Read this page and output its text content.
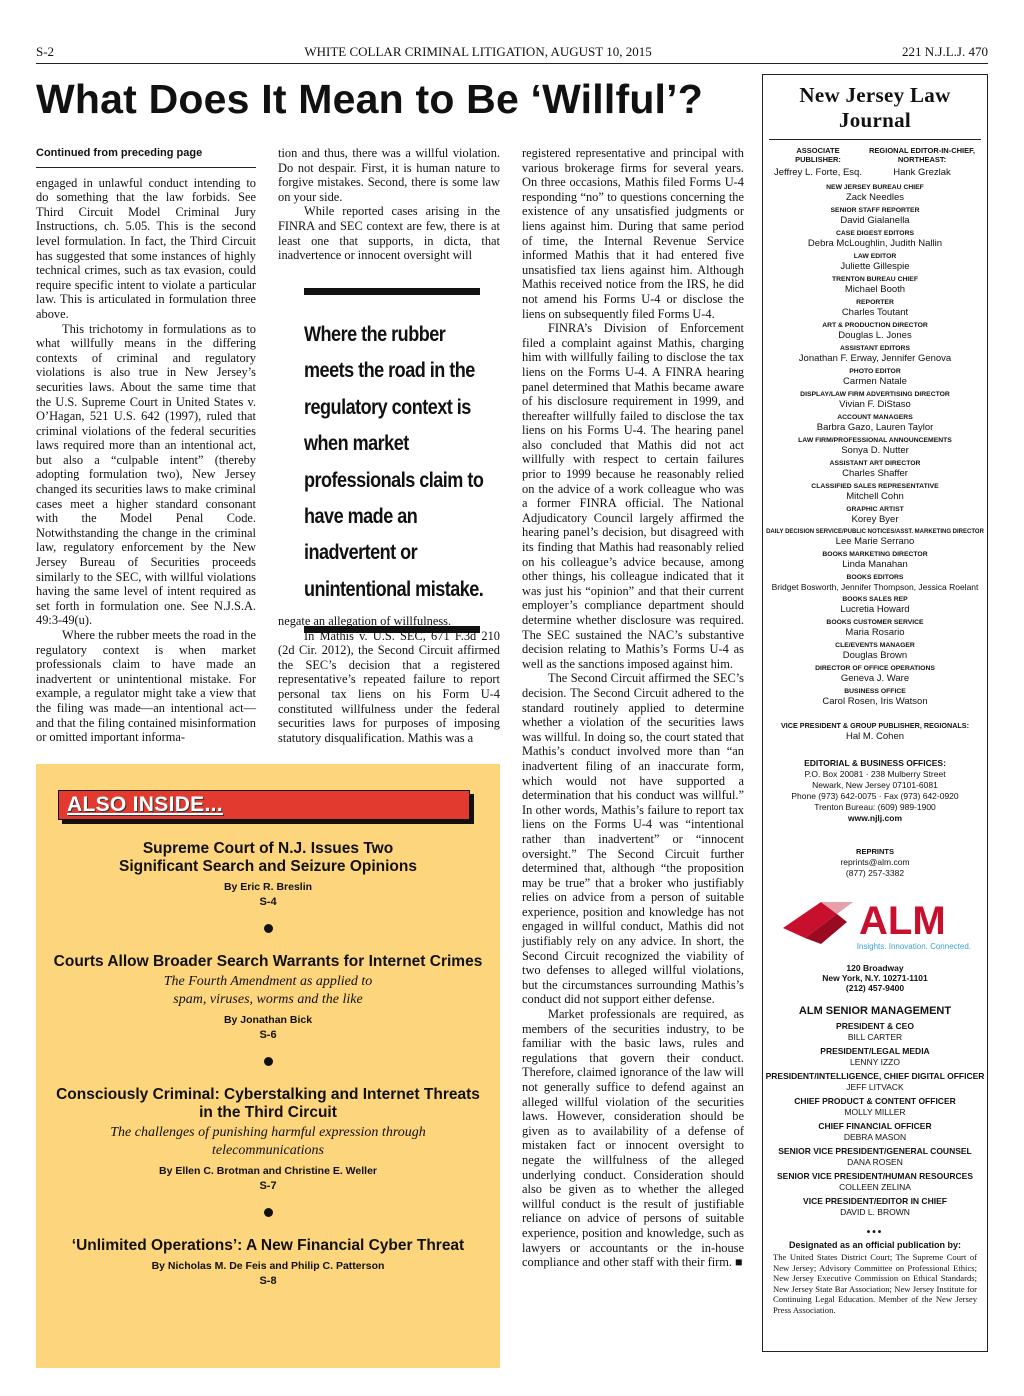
S-2	WHITE COLLAR CRIMINAL LITIGATION, AUGUST 10, 2015	221 N.J.L.J. 470
What Does It Mean to Be ‘Willful’?
Continued from preceding page

engaged in unlawful conduct intending to do something that the law forbids. See Third Circuit Model Criminal Jury Instructions, ch. 5.05. This is the second level formulation. In fact, the Third Circuit has suggested that some instances of highly technical crimes, such as tax evasion, could require specific intent to violate a particular law. This is articulated in formulation three above.

This trichotomy in formulations as to what willfully means in the differing contexts of criminal and regulatory violations is also true in New Jersey’s securities laws. About the same time that the U.S. Supreme Court in United States v. O’Hagan, 521 U.S. 642 (1997), ruled that criminal violations of the federal securities laws required more than an intentional act, but also a “culpable intent” (thereby adopting formulation two), New Jersey changed its securities laws to make criminal cases meet a higher standard consonant with the Model Penal Code. Notwithstanding the change in the criminal law, regulatory enforcement by the New Jersey Bureau of Securities proceeds similarly to the SEC, with willful violations having the same level of intent required as set forth in formulation one. See N.J.S.A. 49:3-49(u).

Where the rubber meets the road in the regulatory context is when market professionals claim to have made an inadvertent or unintentional mistake. For example, a regulator might take a view that the filing was made—an intentional act—and that the filing contained misinformation or omitted important informa-

tion and thus, there was a willful violation. Do not despair. First, it is human nature to forgive mistakes. Second, there is some law on your side.

While reported cases arising in the FINRA and SEC context are few, there is at least one that supports, in dicta, that inadvertence or innocent oversight will

Where the rubber meets the road in the regulatory context is when market professionals claim to have made an inadvertent or unintentional mistake.

negate an allegation of willfulness.

In Mathis v. U.S. SEC, 671 F.3d 210 (2d Cir. 2012), the Second Circuit affirmed the SEC’s decision that a registered representative’s repeated failure to report personal tax liens on his Form U-4 constituted willfulness under the federal securities laws for purposes of imposing statutory disqualification. Mathis was a

registered representative and principal with various brokerage firms for several years. On three occasions, Mathis filed Forms U-4 responding “no” to questions concerning the existence of any unsatisfied judgments or liens against him. During that same period of time, the Internal Revenue Service informed Mathis that it had entered five unsatisfied tax liens against him. Although Mathis received notice from the IRS, he did not amend his Forms U-4 or disclose the liens on subsequently filed Forms U-4.

FINRA’s Division of Enforcement filed a complaint against Mathis, charging him with willfully failing to disclose the tax liens on the Forms U-4. A FINRA hearing panel determined that Mathis became aware of his disclosure requirement in 1999, and thereafter willfully failed to disclose the tax liens on his Forms U-4. The hearing panel also concluded that Mathis did not act willfully with respect to certain failures prior to 1999 because he reasonably relied on the advice of a work colleague who was a former FINRA official. The National Adjudicatory Council largely affirmed the hearing panel’s decision, but disagreed with its finding that Mathis had reasonably relied on his colleague’s advice because, among other things, his colleague indicated that it was just his “opinion” and that their current employer’s compliance department should determine whether disclosure was required. The SEC sustained the NAC’s substantive decision relating to Mathis’s Forms U-4 as well as the sanctions imposed against him.

The Second Circuit affirmed the SEC’s decision. The Second Circuit adhered to the standard routinely applied to determine whether a violation of the securities laws was willful. In doing so, the court stated that Mathis’s conduct involved more than “an inadvertent filing of an inaccurate form, which would not have supported a determination that his conduct was willful.” In other words, Mathis’s failure to report tax liens on the Forms U-4 was “intentional rather than inadvertent” or “innocent oversight.” The Second Circuit further determined that, although “the proposition may be true” that a broker who justifiably relies on advice from a person of suitable experience, position and knowledge has not engaged in willful conduct, Mathis did not justifiably rely on any advice. In short, the Second Circuit recognized the viability of two defenses to alleged willful violations, but the circumstances surrounding Mathis’s conduct did not support either defense.

Market professionals are required, as members of the securities industry, to be familiar with the basic laws, rules and regulations that govern their conduct. Therefore, claimed ignorance of the law will not generally suffice to defend against an alleged willful violation of the securities laws. However, consideration should be given as to availability of a defense of mistaken fact or innocent oversight to negate the willfulness of the alleged underlying conduct. Consideration should also be given as to whether the alleged willful conduct is the result of justifiable reliance on advice of persons of suitable experience, position and knowledge, such as lawyers or accountants or the in-house compliance and other staff with their firm. ■

ALSO INSIDE...
Supreme Court of N.J. Issues Two Significant Search and Seizure Opinions
By Eric R. Breslin
S-4
Courts Allow Broader Search Warrants for Internet Crimes
The Fourth Amendment as applied to spam, viruses, worms and the like
By Jonathan Bick
S-6
Consciously Criminal: Cyberstalking and Internet Threats in the Third Circuit
The challenges of punishing harmful expression through telecommunications
By Ellen C. Brotman and Christine E. Weller
S-7
‘Unlimited Operations’: A New Financial Cyber Threat
By Nicholas M. De Feis and Philip C. Patterson
S-8
New Jersey Law Journal
ASSOCIATE PUBLISHER:
Jeffrey L. Forte, Esq.
REGIONAL EDITOR-IN-CHIEF, NORTHEAST:
Hank Grezlak
NEW JERSEY BUREAU CHIEF
Zack Needles
SENIOR STAFF REPORTER
David Gialanella
CASE DIGEST EDITORS
Debra McLoughlin, Judith Nallin
LAW EDITOR
Juliette Gillespie
TRENTON BUREAU CHIEF
Michael Booth
REPORTER
Charles Toutant
ART & PRODUCTION DIRECTOR
Douglas L. Jones
ASSISTANT EDITORS
Jonathan F. Erway, Jennifer Genova
PHOTO EDITOR
Carmen Natale
DISPLAY/LAW FIRM ADVERTISING DIRECTOR
Vivian F. DiStaso
ACCOUNT MANAGERS
Barbra Gazo, Lauren Taylor
LAW FIRM/PROFESSIONAL ANNOUNCEMENTS
Sonya D. Nutter
ASSISTANT ART DIRECTOR
Charles Shaffer
CLASSIFIED SALES REPRESENTATIVE
Mitchell Cohn
GRAPHIC ARTIST
Korey Byer
DAILY DECISION SERVICE/PUBLIC NOTICES/ASST. MARKETING DIRECTOR
Lee Marie Serrano
BOOKS MARKETING DIRECTOR
Linda Manahan
BOOKS EDITORS
Bridget Bosworth, Jennifer Thompson, Jessica Roelant
BOOKS SALES REP
Lucretia Howard
BOOKS CUSTOMER SERVICE
Maria Rosario
CLE/EVENTS MANAGER
Douglas Brown
DIRECTOR OF OFFICE OPERATIONS
Geneva J. Ware
BUSINESS OFFICE
Carol Rosen, Iris Watson
VICE PRESIDENT & GROUP PUBLISHER, REGIONALS:
Hal M. Cohen
EDITORIAL & BUSINESS OFFICES:
P.O. Box 20081 · 238 Mulberry Street
Newark, New Jersey 07101-6081
Phone (973) 642-0075 · Fax (973) 642-0920
Trenton Bureau: (609) 989-1900
www.njlj.com
REPRINTS
reprints@alm.com
(877) 257-3382
ALM
Insights. Innovation. Connected.
120 Broadway
New York, N.Y. 10271-1101
(212) 457-9400
ALM SENIOR MANAGEMENT
PRESIDENT & CEO
BILL CARTER
PRESIDENT/LEGAL MEDIA
LENNY IZZO
PRESIDENT/INTELLIGENCE, CHIEF DIGITAL OFFICER
JEFF LITVACK
CHIEF PRODUCT & CONTENT OFFICER
MOLLY MILLER
CHIEF FINANCIAL OFFICER
DEBRA MASON
SENIOR VICE PRESIDENT/GENERAL COUNSEL
DANA ROSEN
SENIOR VICE PRESIDENT/HUMAN RESOURCES
COLLEEN ZELINA
VICE PRESIDENT/EDITOR IN CHIEF
DAVID L. BROWN
•••
Designated as an official publication by:
The United States District Court; The Supreme Court of New Jersey; Advisory Committee on Professional Ethics; New Jersey Executive Commission on Ethical Standards; New Jersey State Bar Association; New Jersey Institute for Continuing Legal Education. Member of the New Jersey Press Association.
